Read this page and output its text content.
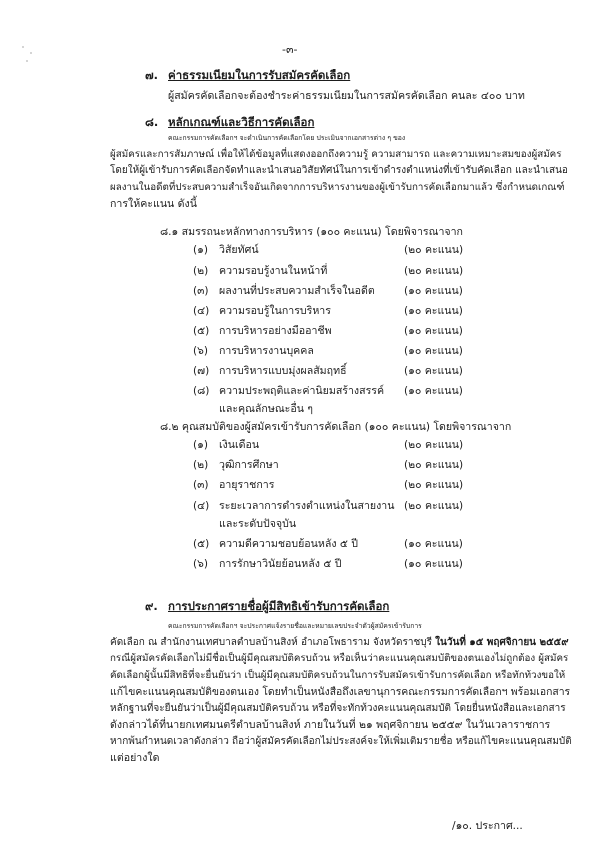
-๓-
๗. ค่าธรรมเนียมในการรับสมัครคัดเลือก
ผู้สมัครคัดเลือกจะต้องชำระค่าธรรมเนียมในการสมัครคัดเลือก คนละ ๔๐๐ บาท
๘. หลักเกณฑ์และวิธีการคัดเลือก

คณะกรรมการคัดเลือกฯ จะดำเนินการคัดเลือกโดย ประเมินจากเอกสารต่าง ๆ ของ

ผู้สมัครและการสัมภาษณ์ เพื่อให้ได้ข้อมูลที่แสดงออกถึงความรู้ ความสามารถ และความเหมาะสมของผู้สมัคร

โดยให้ผู้เข้ารับการคัดเลือกจัดทำและนำเสนอวิสัยทัศน์ในการเข้าดำรงตำแหน่งที่เข้ารับคัดเลือก และนำเสนอ

ผลงานในอดีตที่ประสบความสำเร็จอันเกิดจากการบริหารงานของผู้เข้ารับการคัดเลือกมาแล้ว ซึ่งกำหนดเกณฑ์

การให้คะแนน ดังนี้

๘.๑ สมรรถนะหลักทางการบริหาร (๑๐๐ คะแนน) โดยพิจารณาจาก
(๑) วิสัยทัศน์	(๒๐ คะแนน)
(๒) ความรอบรู้งานในหน้าที่	(๒๐ คะแนน)
(๓) ผลงานที่ประสบความสำเร็จในอดีต	(๑๐ คะแนน)
(๔) ความรอบรู้ในการบริหาร	(๑๐ คะแนน)
(๕) การบริหารอย่างมืออาชีพ	(๑๐ คะแนน)
(๖) การบริหารงานบุคคล	(๑๐ คะแนน)
(๗) การบริหารแบบมุ่งผลสัมฤทธิ์	(๑๐ คะแนน)
(๘) ความประพฤติและค่านิยมสร้างสรรค์ (๑๐ คะแนน)
และคุณลักษณะอื่น ๆ
๘.๒ คุณสมบัติของผู้สมัครเข้ารับการคัดเลือก (๑๐๐ คะแนน) โดยพิจารณาจาก
(๑) เงินเดือน	(๒๐ คะแนน)
(๒) วุฒิการศึกษา	(๒๐ คะแนน)
(๓) อายุราชการ	(๒๐ คะแนน)
(๔) ระยะเวลาการดำรงตำแหน่งในสายงาน (๒๐ คะแนน)
และระดับปัจจุบัน
(๕) ความดีความชอบย้อนหลัง ๕ ปี	(๑๐ คะแนน)
(๖) การรักษาวินัยย้อนหลัง ๕ ปี	(๑๐ คะแนน)
๙. การประกาศรายชื่อผู้มีสิทธิเข้ารับการคัดเลือก

คณะกรรมการคัดเลือกฯ จะประกาศแจ้งรายชื่อและหมายเลขประจำตัวผู้สมัครเข้ารับการ

คัดเลือก ณ สำนักงานเทศบาลตำบลบ้านสิงห์ อำเภอโพธาราม จังหวัดราชบุรี ในวันที่ ๑๕ พฤศจิกายน ๒๕๕๙

กรณีผู้สมัครคัดเลือกไม่มีชื่อเป็นผู้มีคุณสมบัติครบถ้วน หรือเห็นว่าคะแนนคุณสมบัติของตนเองไม่ถูกต้อง ผู้สมัคร

คัดเลือกผู้นั้นมีสิทธิที่จะยื่นยันว่า เป็นผู้มีคุณสมบัติครบถ้วนในการรับสมัครเข้ารับการคัดเลือก หรือทักท้วงขอให้

แก้ไขคะแนนคุณสมบัติของตนเอง โดยทำเป็นหนังสือถึงเลขานุการคณะกรรมการคัดเลือกฯ พร้อมเอกสาร

หลักฐานที่จะยืนยันว่าเป็นผู้มีคุณสมบัติครบถ้วน หรือที่จะทักท้วงคะแนนคุณสมบัติ โดยยื่นหนังสือและเอกสาร

ดังกล่าวได้ที่นายกเทศมนตรีตำบลบ้านสิงห์ ภายในวันที่ ๒๑ พฤศจิกายน ๒๕๕๙ ในวันเวลาราชการ

หากพ้นกำหนดเวลาดังกล่าว ถือว่าผู้สมัครคัดเลือกไม่ประสงค์จะให้เพิ่มเติมรายชื่อ หรือแก้ไขคะแนนคุณสมบัติ

แต่อย่างใด

/๑๐. ประกาศ...
